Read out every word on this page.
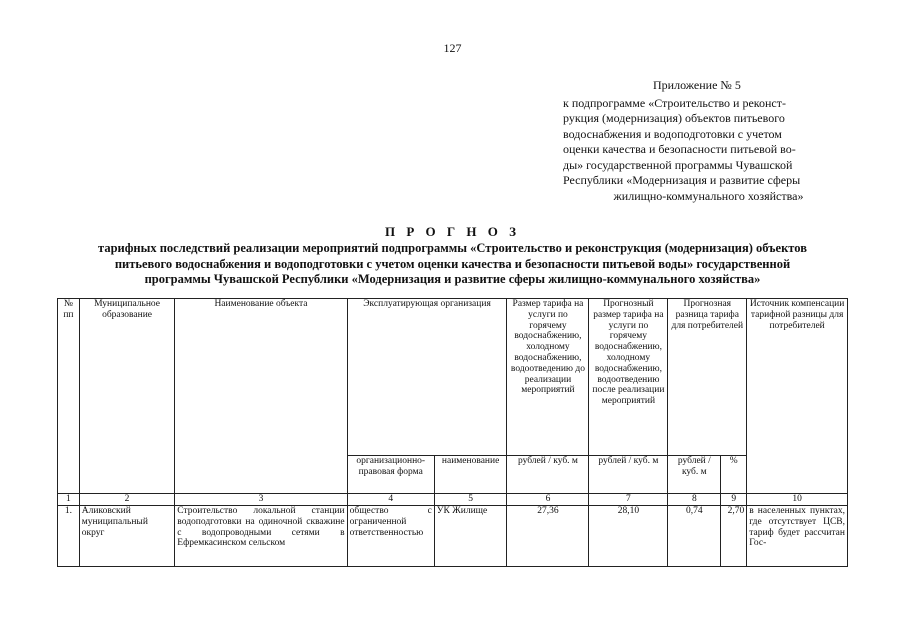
127
Приложение № 5
к подпрограмме «Строительство и реконст-
рукция (модернизация) объектов питьевого
водоснабжения и водоподготовки с учетом
оценки качества и безопасности питьевой во-
ды» государственной программы Чувашской
Республики «Модернизация и развитие сферы
жилищно-коммунального хозяйства»
П Р О Г Н О З
тарифных последствий реализации мероприятий подпрограммы «Строительство и реконструкция (модернизация) объектов
питьевого водоснабжения и водоподготовки с учетом оценки качества и безопасности питьевой воды» государственной
программы Чувашской Республики «Модернизация и развитие сферы жилищно-коммунального хозяйства»
№ пп	Муниципальное образование	Наименование объекта	Эксплуатирующая организация		Размер тарифа на услуги по горячему водоснабжению, холодному водоснабжению, водоотведению до реализации мероприятий	Прогнозный размер тарифа на услуги по горячему водоснабжению, холодному водоснабжению, водоотведению после реализации мероприятий	Прогнозная разница тарифа для потребителей		Источник компенсации тарифной разницы для потребителей
			организационно-правовая форма	наименование	рублей / куб. м	рублей / куб. м	рублей / куб. м	%	
1	2	3	4	5	6	7	8	9	10
1.	Аликовский муниципальный округ	Строительство локальной станции водоподготовки на одиночной скважине с водопроводными сетями в Ефремкасинском сельском	общество с ограниченной ответственностью	УК Жилище	27,36	28,10	0,74	2,70	в населенных пунктах, где отсутствует ЦСВ, тариф будет рассчитан Гос-
